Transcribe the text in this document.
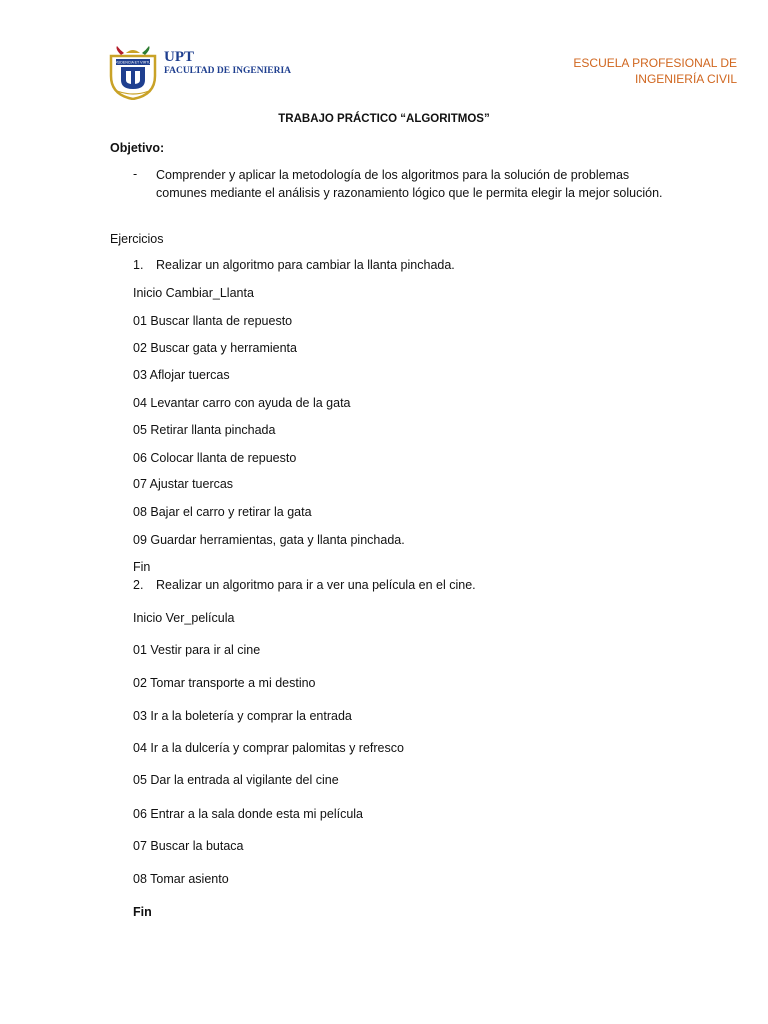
PRUDENCIA ET VIRTUS UPT
FACULTAD DE INGENIERIA
ESCUELA PROFESIONAL DE
INGENIERÍA CIVIL
TRABAJO PRÁCTICO “ALGORITMOS”
Objetivo:
- Comprender y aplicar la metodología de los algoritmos para la solución de problemas comunes mediante el análisis y razonamiento lógico que le permita elegir la mejor solución.
Ejercicios
1. Realizar un algoritmo para cambiar la llanta pinchada.
Inicio Cambiar_Llanta
01 Buscar llanta de repuesto
02 Buscar gata y herramienta
03 Aflojar tuercas
04 Levantar carro con ayuda de la gata
05 Retirar llanta pinchada
06 Colocar llanta de repuesto
07 Ajustar tuercas
08 Bajar el carro y retirar la gata
09 Guardar herramientas, gata y llanta pinchada.
Fin
2. Realizar un algoritmo para ir a ver una película en el cine.
Inicio Ver_película
01 Vestir para ir al cine
02 Tomar transporte a mi destino
03 Ir a la boletería y comprar la entrada
04 Ir a la dulcería y comprar palomitas y refresco
05 Dar la entrada al vigilante del cine
06 Entrar a la sala donde esta mi película
07 Buscar la butaca
08 Tomar asiento
Fin
